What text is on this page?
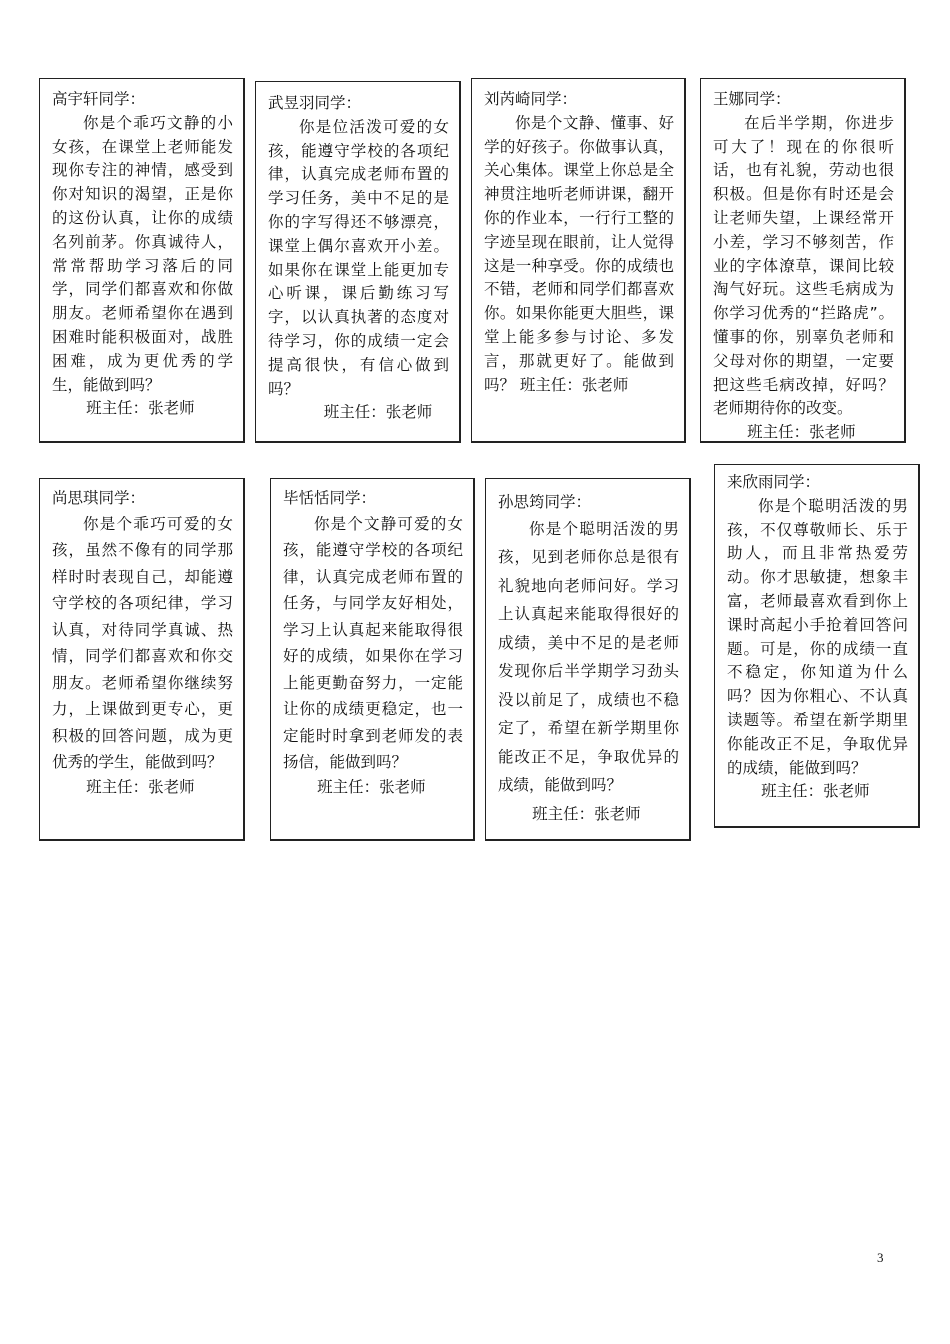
高宇轩同学：
你是个乖巧文静的小女孩，在课堂上老师能发现你专注的神情，感受到你对知识的渴望，正是你的这份认真，让你的成绩名列前茅。你真诚待人，常常帮助学习落后的同学，同学们都喜欢和你做朋友。老师希望你在遇到困难时能积极面对，战胜困难，成为更优秀的学生，能做到吗？
班主任：张老师
武昱羽同学：
你是位活泼可爱的女孩，能遵守学校的各项纪律，认真完成老师布置的学习任务，美中不足的是你的字写得还不够漂亮，课堂上偶尔喜欢开小差。如果你在课堂上能更加专心听课，课后勤练习写字，以认真执著的态度对待学习，你的成绩一定会提高很快，有信心做到吗？
班主任：张老师
刘芮崎同学：
你是个文静、懂事、好学的好孩子。你做事认真，关心集体。课堂上你总是全神贯注地听老师讲课，翻开你的作业本，一行行工整的字迹呈现在眼前，让人觉得这是一种享受。你的成绩也不错，老师和同学们都喜欢你。如果你能更大胆些，课堂上能多参与讨论、多发言，那就更好了。能做到吗？ 班主任：张老师
王娜同学：
在后半学期，你进步可大了！现在的你很听话，也有礼貌，劳动也很积极。但是你有时还是会让老师失望，上课经常开小差，学习不够刻苦，作业的字体潦草，课间比较淘气好玩。这些毛病成为你学习优秀的“拦路虎”。懂事的你，别辜负老师和父母对你的期望，一定要把这些毛病改掉，好吗？老师期待你的改变。
班主任：张老师
尚思琪同学：
你是个乖巧可爱的女孩，虽然不像有的同学那样时时表现自己，却能遵守学校的各项纪律，学习认真，对待同学真诚、热情，同学们都喜欢和你交朋友。老师希望你继续努力，上课做到更专心，更积极的回答问题，成为更优秀的学生，能做到吗？
班主任：张老师
毕恬恬同学：
你是个文静可爱的女孩，能遵守学校的各项纪律，认真完成老师布置的任务，与同学友好相处，学习上认真起来能取得很好的成绩，如果你在学习上能更勤奋努力，一定能让你的成绩更稳定，也一定能时时拿到老师发的表扬信，能做到吗？
班主任：张老师
孙思筠同学：
你是个聪明活泼的男孩，见到老师你总是很有礼貌地向老师问好。学习上认真起来能取得很好的成绩，美中不足的是老师发现你后半学期学习劲头没以前足了，成绩也不稳定了，希望在新学期里你能改正不足，争取优异的成绩，能做到吗？
班主任：张老师
来欣雨同学：
你是个聪明活泼的男孩，不仅尊敬师长、乐于助人，而且非常热爱劳动。你才思敏捷，想象丰富，老师最喜欢看到你上课时高起小手抢着回答问题。可是，你的成绩一直不稳定，你知道为什么吗？因为你粗心、不认真读题等。希望在新学期里你能改正不足，争取优异的成绩，能做到吗？
班主任：张老师
3
